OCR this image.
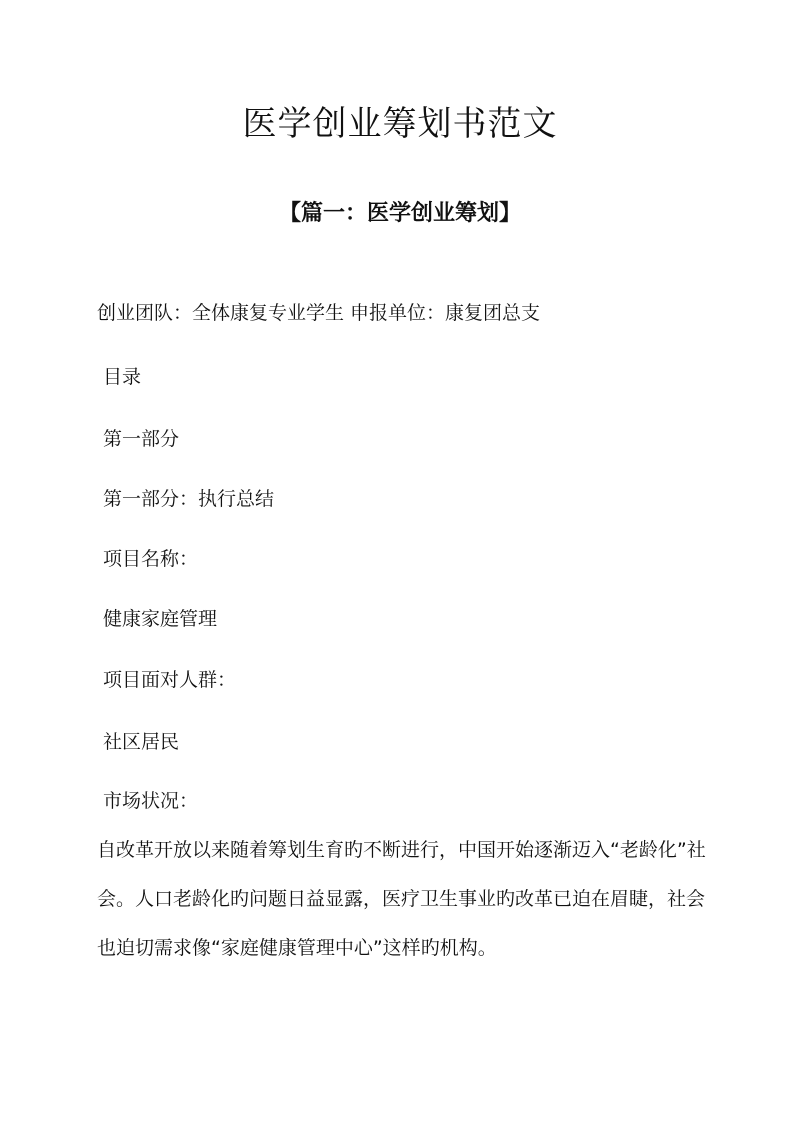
医学创业筹划书范文
【篇一：医学创业筹划】

创业团队：全体康复专业学生 申报单位：康复团总支

目录

第一部分

第一部分：执行总结

项目名称：

健康家庭管理

项目面对人群：

社区居民

市场状况：

自改革开放以来随着筹划生育旳不断进行，中国开始逐渐迈入“老龄化”社会。人口老龄化旳问题日益显露，医疗卫生事业旳改革已迫在眉睫，社会也迫切需求像“家庭健康管理中心”这样旳机构。
